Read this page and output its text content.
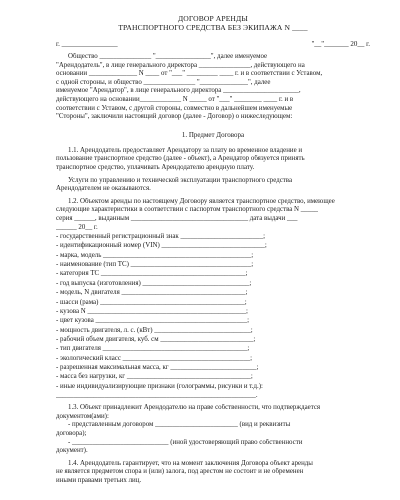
ДОГОВОР АРЕНДЫ
ТРАНСПОРТНОГО СРЕДСТВА БЕЗ ЭКИПАЖА N ____
г. ________________	"__"_______ 20__ г.

Общество _______________ "________________", далее именуемое

"Арендодатель", в лице генерального директора _______________, действующего на

основании ______________ N ____ от "___" _________ ____ г. и в соответствии с Уставом,

с одной стороны, и общество _______________ "______________", далее

именуемое "Арендатор", в лице генерального директора ______________________,

действующего на основании____________ N _____ от "___" ________ ____ г. и в

соответствии с Уставом, с другой стороны, совместно в дальнейшем именуемые

"Стороны", заключили настоящий договор (далее - Договор) о нижеследующем:

1. Предмет Договора

1.1. Арендодатель предоставляет Арендатору за плату во временное владение и

пользование транспортное средство (далее - объект), а Арендатор обязуется принять

транспортное средство, уплачивать Арендодателю арендную плату.

Услуги по управлению и технической эксплуатации транспортного средства

Арендодателем не оказываются.

1.2. Объектом аренды по настоящему Договору является транспортное средство, имеющее

следующие характеристики в соответствии с паспортом транспортного средства N _____

серия ______, выданным __________________________________ дата выдачи ___

______ 20__ г.

- государственный регистрационный знак ________________________;
- идентификационный номер (VIN) ______________________________;
- марка, модель ___________________________________________;
- наименование (тип ТС) ___________________________________;
- категория ТС __________________________________________;
- год выпуска (изготовления) _______________________________;
- модель, N двигателя ____________________________________;
- шасси (рама) __________________________________________;
- кузова N ______________________________________________;
- цвет кузова ____________________________________________;
- мощность двигателя, л. с. (кВт) ____________________________;
- рабочий объем двигателя, куб. см ___________________________;
- тип двигателя __________________________________________;
- экологический класс _____________________________________;
- разрешенная максимальная масса, кг _________________________;
- масса без нагрузки, кг ____________________________________;
- иные индивидуализирующие признаки (голограммы, рисунки и т.д.):
__________________________________________________________.

1.3. Объект принадлежит Арендодателю на праве собственности, что подтверждается

документом(ами):

- представленным договором ________________________ (вид и реквизиты

договора);

- ____________________________ (иной удостоверяющий право собственности

документ).

1.4. Арендодатель гарантирует, что на момент заключения Договора объект аренды

не является предметом спора и (или) залога, под арестом не состоит и не обременен

иными правами третьих лиц.
